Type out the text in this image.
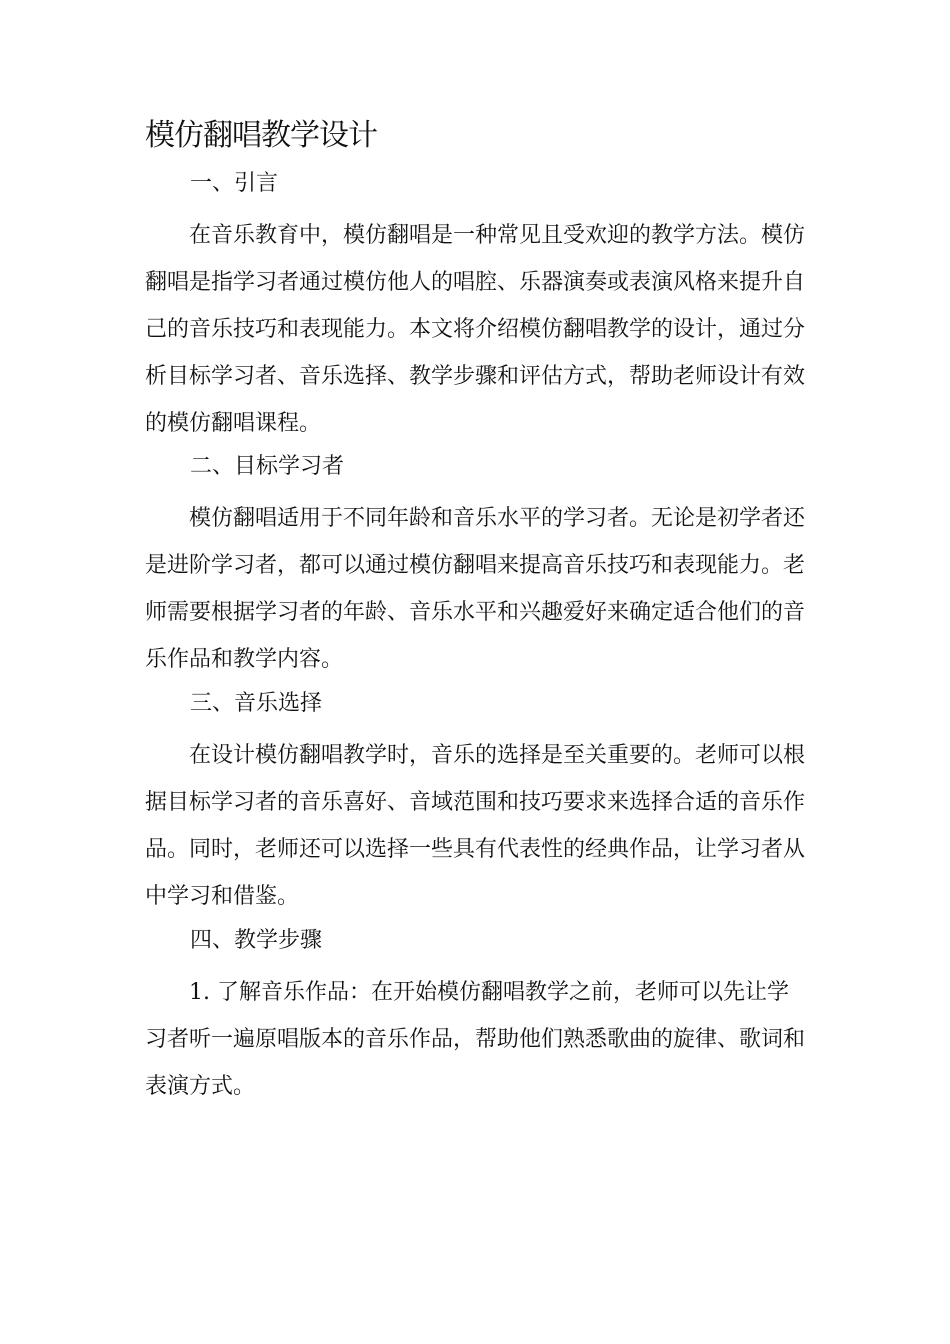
模仿翻唱教学设计

一、引言

在音乐教育中，模仿翻唱是一种常见且受欢迎的教学方法。模仿翻唱是指学习者通过模仿他人的唱腔、乐器演奏或表演风格来提升自己的音乐技巧和表现能力。本文将介绍模仿翻唱教学的设计，通过分析目标学习者、音乐选择、教学步骤和评估方式，帮助老师设计有效的模仿翻唱课程。

二、目标学习者

模仿翻唱适用于不同年龄和音乐水平的学习者。无论是初学者还是进阶学习者，都可以通过模仿翻唱来提高音乐技巧和表现能力。老师需要根据学习者的年龄、音乐水平和兴趣爱好来确定适合他们的音乐作品和教学内容。

三、音乐选择

在设计模仿翻唱教学时，音乐的选择是至关重要的。老师可以根据目标学习者的音乐喜好、音域范围和技巧要求来选择合适的音乐作品。同时，老师还可以选择一些具有代表性的经典作品，让学习者从中学习和借鉴。

四、教学步骤

1. 了解音乐作品：在开始模仿翻唱教学之前，老师可以先让学习者听一遍原唱版本的音乐作品，帮助他们熟悉歌曲的旋律、歌词和表演方式。
